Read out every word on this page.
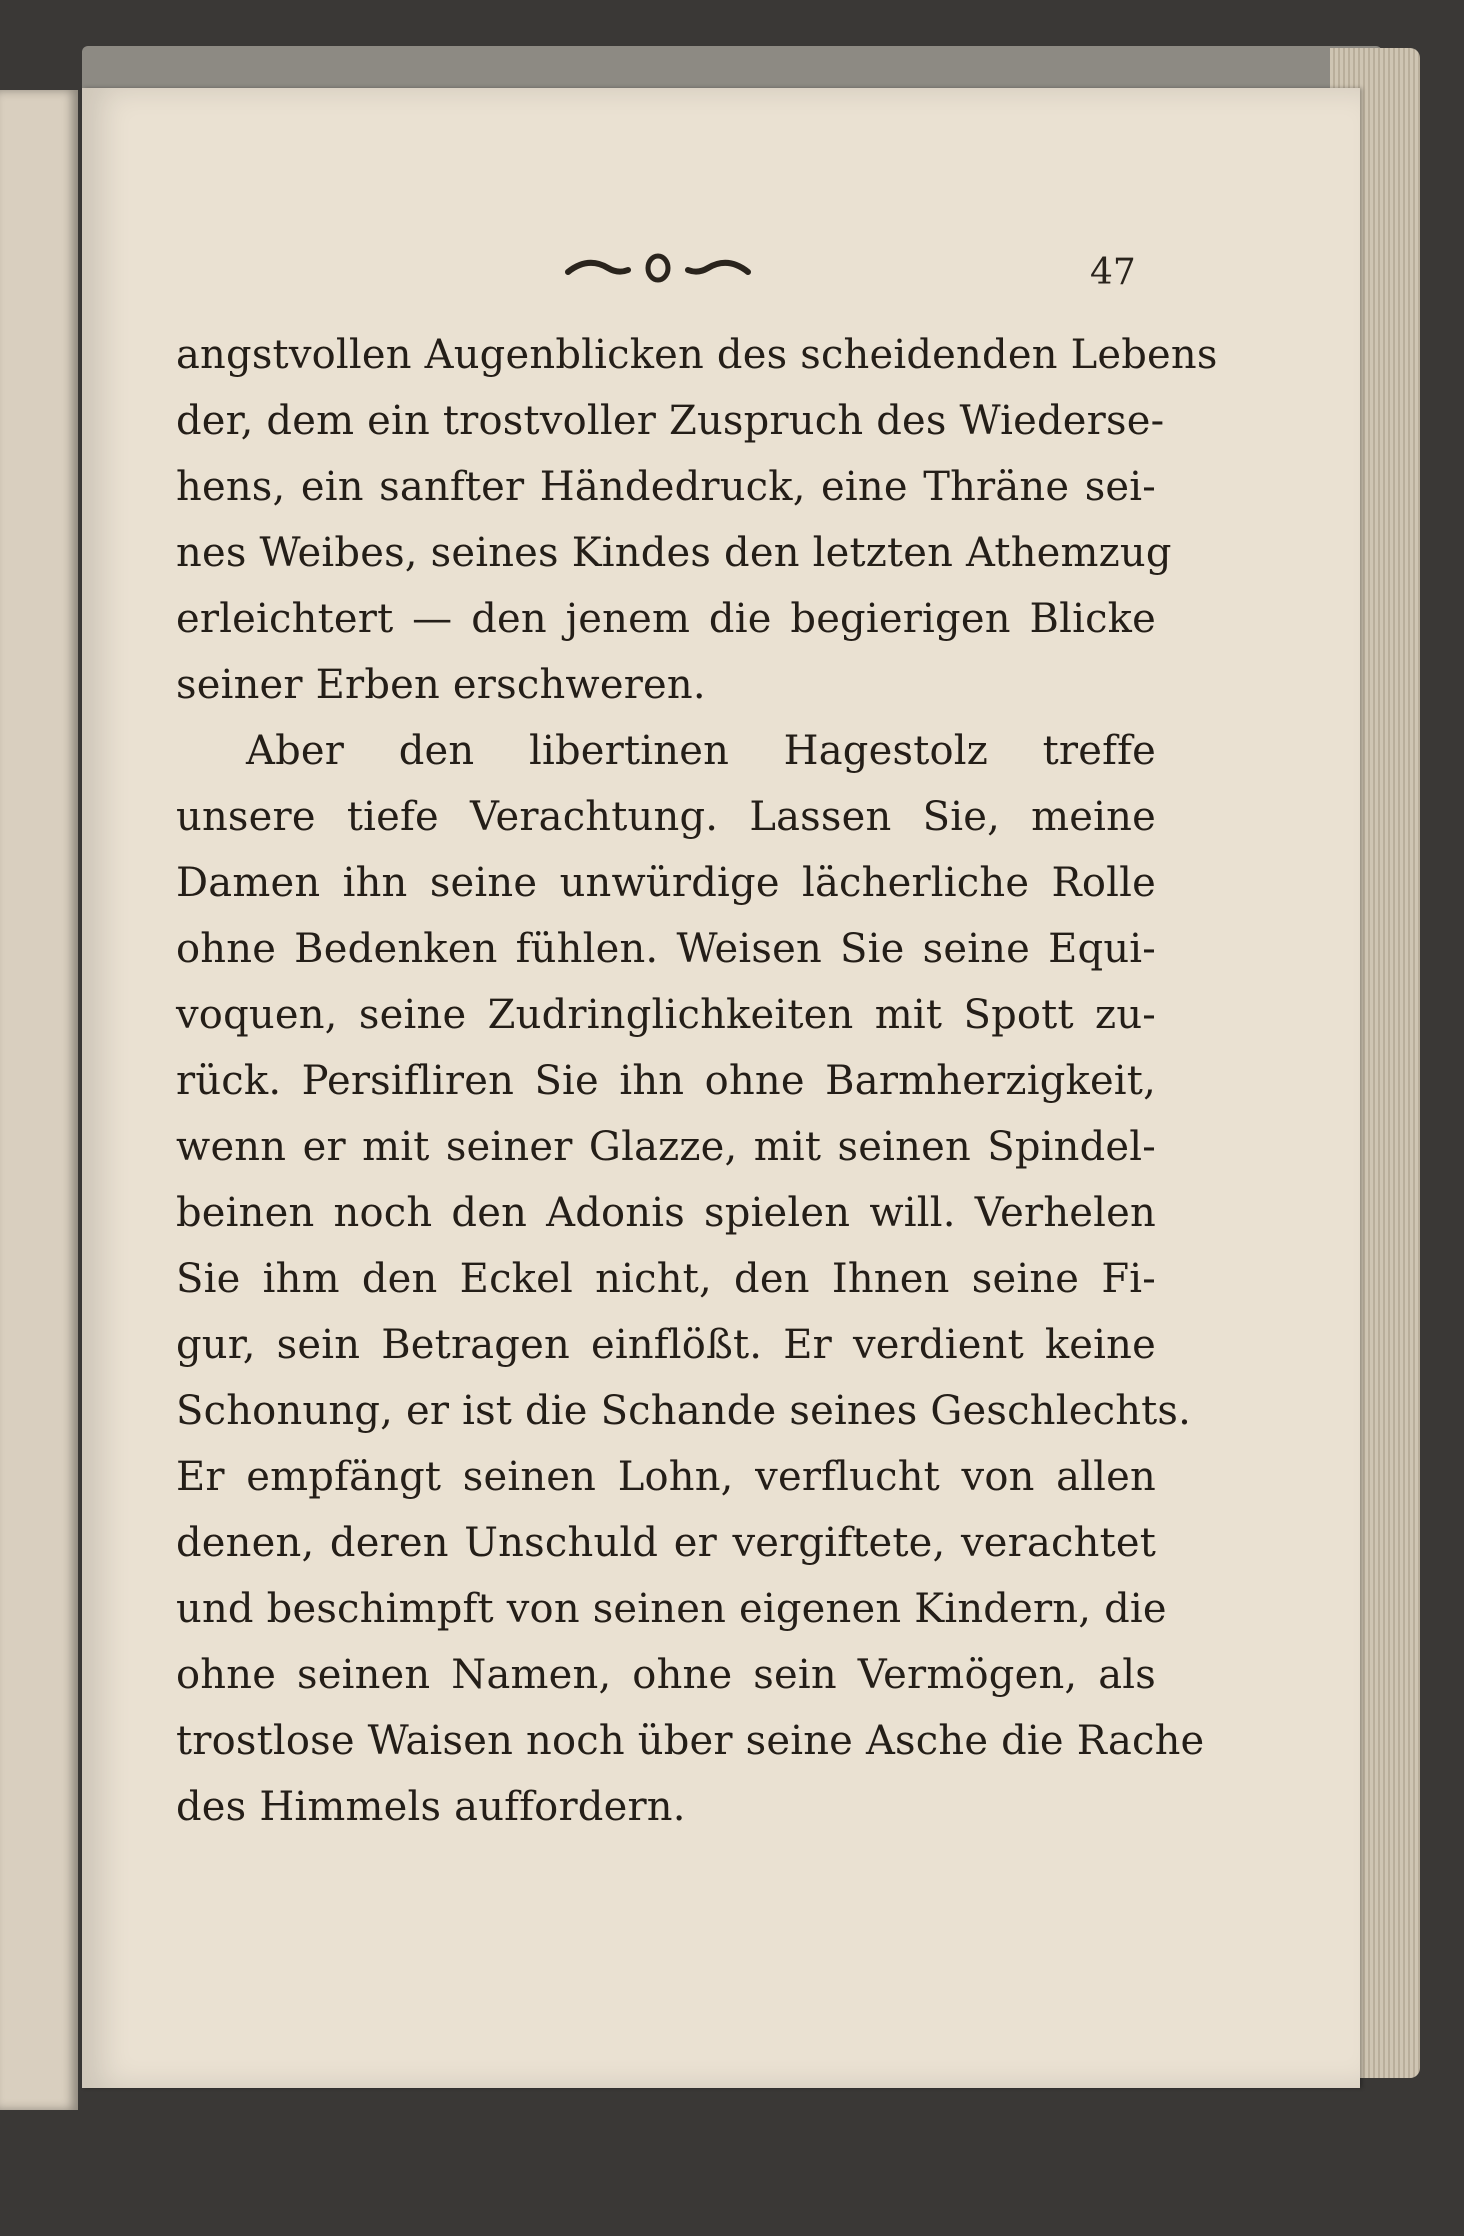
47
angstvollen Augenblicken des scheidenden Lebens
der, dem ein trostvoller Zuspruch des Wiederse-
hens, ein sanfter Händedruck, eine Thräne sei-
nes Weibes, seines Kindes den letzten Athemzug
erleichtert — den jenem die begierigen Blicke
seiner Erben erschweren.
Aber den libertinen Hagestolz treffe
unsere tiefe Verachtung. Lassen Sie, meine
Damen ihn seine unwürdige lächerliche Rolle
ohne Bedenken fühlen. Weisen Sie seine Equi-
voquen, seine Zudringlichkeiten mit Spott zu-
rück. Persifliren Sie ihn ohne Barmherzigkeit,
wenn er mit seiner Glazze, mit seinen Spindel-
beinen noch den Adonis spielen will. Verhelen
Sie ihm den Eckel nicht, den Ihnen seine Fi-
gur, sein Betragen einflößt. Er verdient keine
Schonung, er ist die Schande seines Geschlechts.
Er empfängt seinen Lohn, verflucht von allen
denen, deren Unschuld er vergiftete, verachtet
und beschimpft von seinen eigenen Kindern, die
ohne seinen Namen, ohne sein Vermögen, als
trostlose Waisen noch über seine Asche die Rache
des Himmels auffordern.
